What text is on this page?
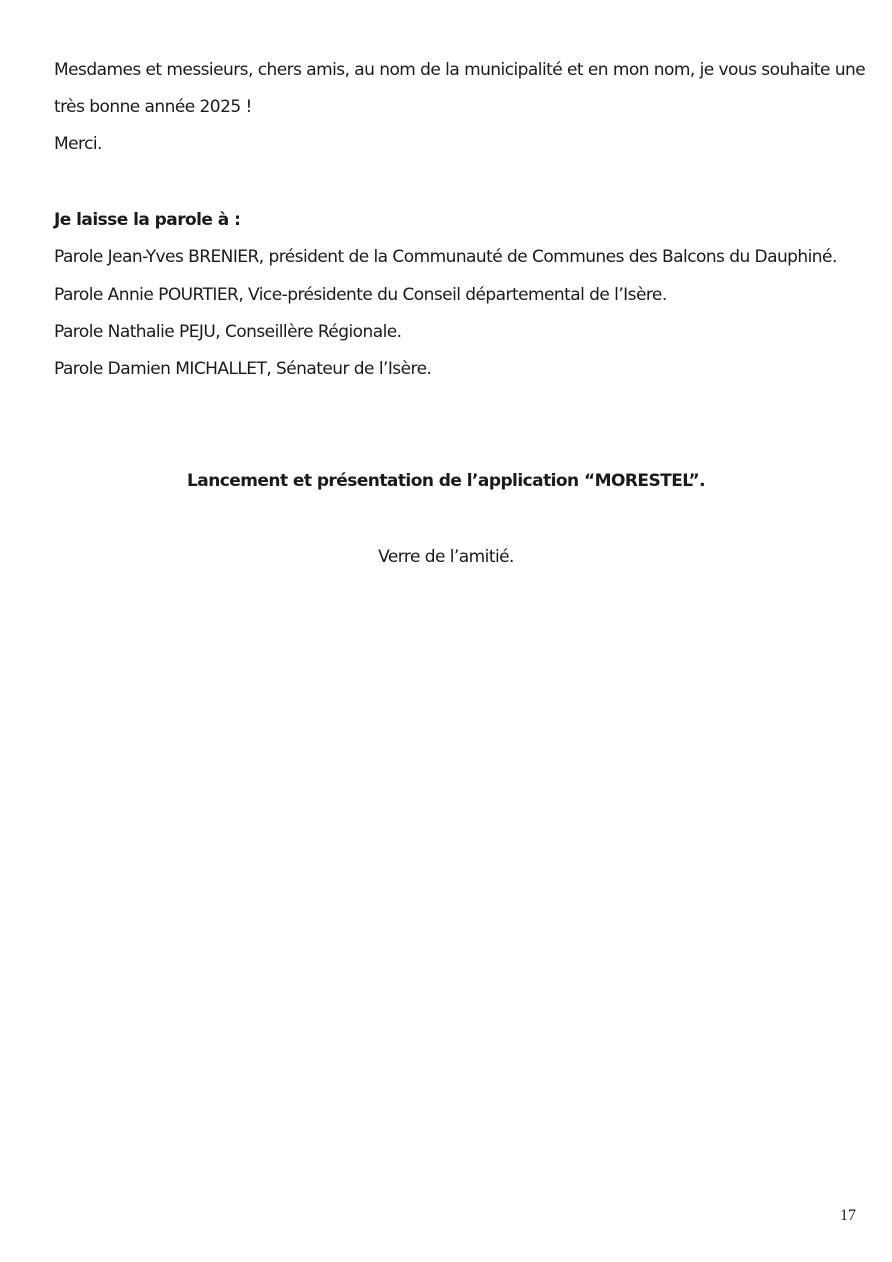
Mesdames et messieurs, chers amis, au nom de la municipalité et en mon nom, je vous souhaite une
très bonne année 2025 !
Merci.
Je laisse la parole à :
Parole Jean-Yves BRENIER, président de la Communauté de Communes des Balcons du Dauphiné.
Parole Annie POURTIER, Vice-présidente du Conseil départemental de l’Isère.
Parole Nathalie PEJU, Conseillère Régionale.
Parole Damien MICHALLET, Sénateur de l’Isère.
Lancement et présentation de l’application “MORESTEL”.
Verre de l’amitié.
17
